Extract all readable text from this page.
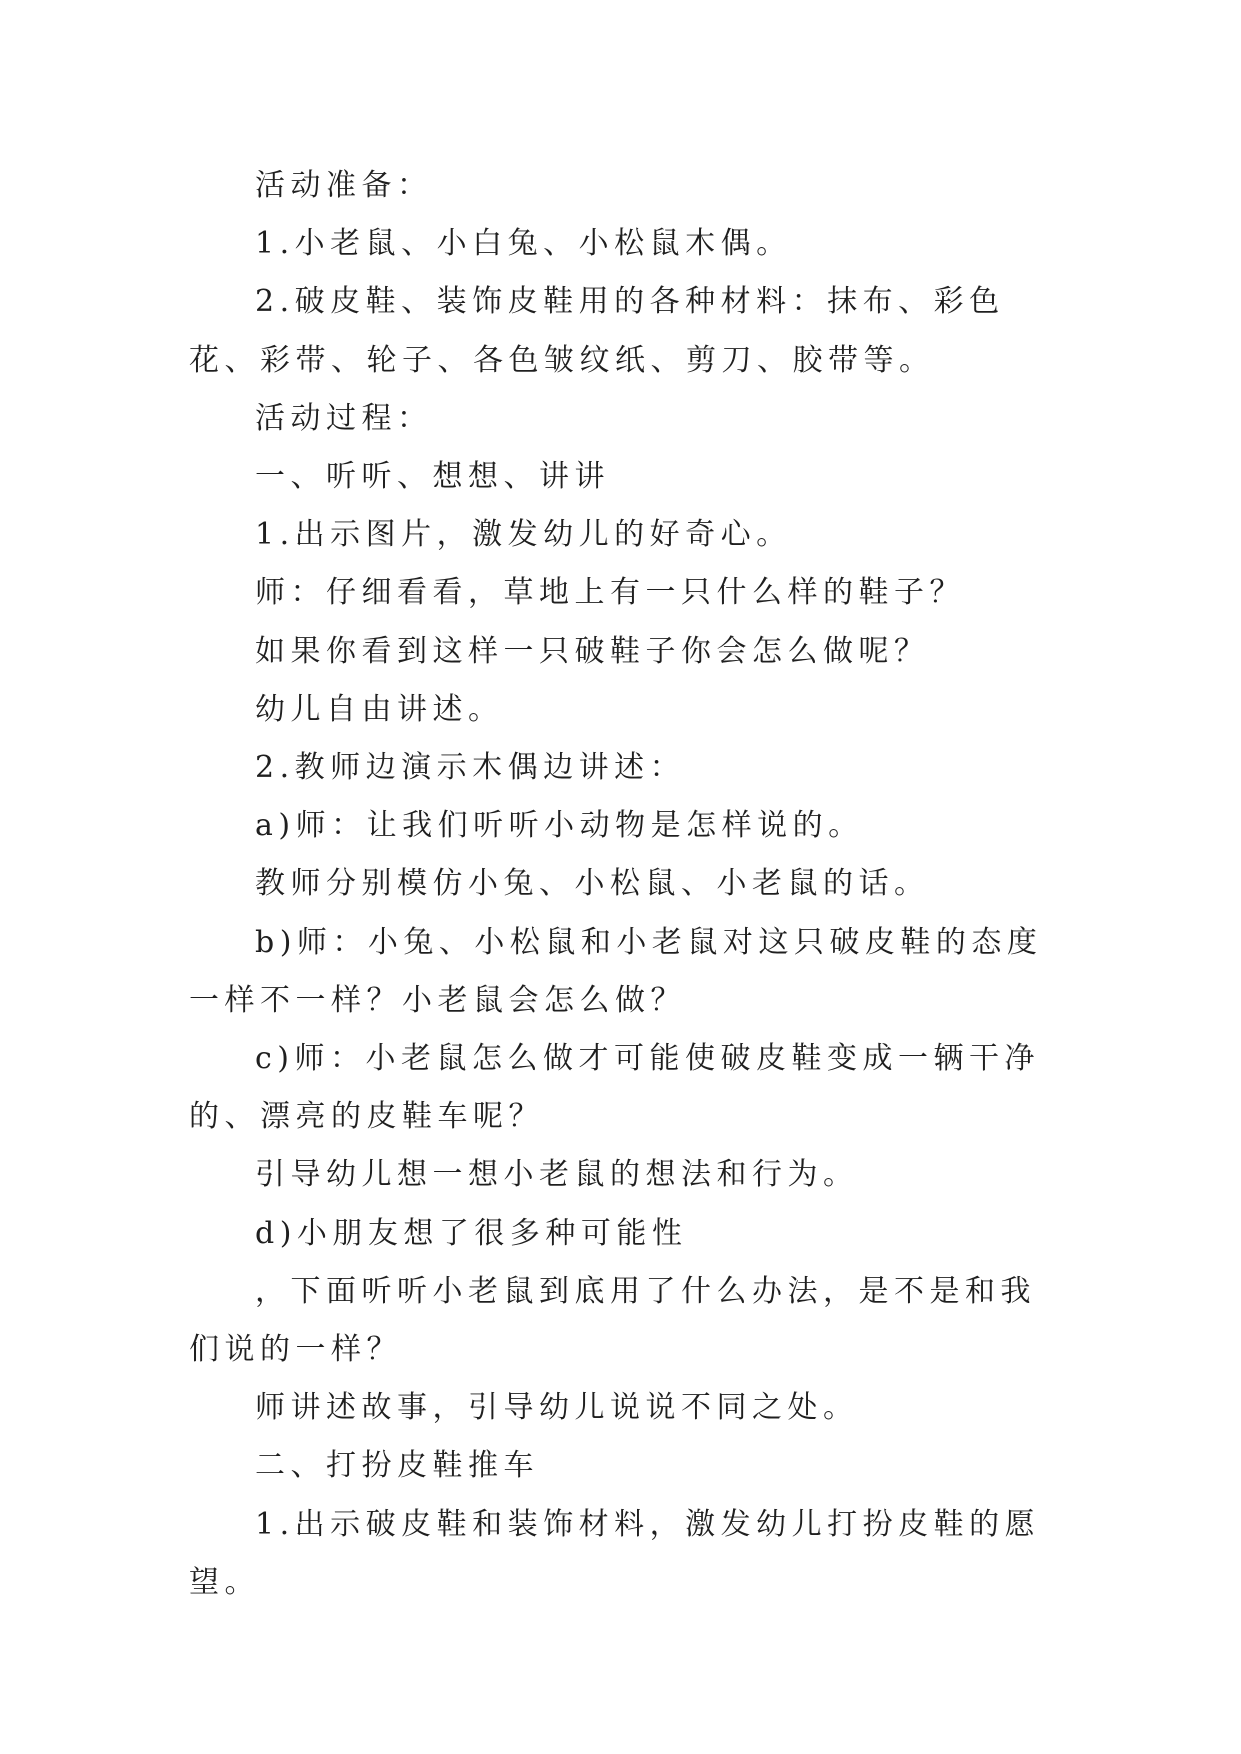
活动准备：

1.小老鼠、小白兔、小松鼠木偶。

2.破皮鞋、装饰皮鞋用的各种材料：抹布、彩色花、彩带、轮子、各色皱纹纸、剪刀、胶带等。

活动过程：

一、听听、想想、讲讲

1.出示图片，激发幼儿的好奇心。

师：仔细看看，草地上有一只什么样的鞋子？

如果你看到这样一只破鞋子你会怎么做呢？

幼儿自由讲述。

2.教师边演示木偶边讲述：

a)师：让我们听听小动物是怎样说的。

教师分别模仿小兔、小松鼠、小老鼠的话。

b)师：小兔、小松鼠和小老鼠对这只破皮鞋的态度一样不一样？小老鼠会怎么做？

c)师：小老鼠怎么做才可能使破皮鞋变成一辆干净的、漂亮的皮鞋车呢？

引导幼儿想一想小老鼠的想法和行为。

d)小朋友想了很多种可能性

，下面听听小老鼠到底用了什么办法，是不是和我们说的一样？

师讲述故事，引导幼儿说说不同之处。

二、打扮皮鞋推车

1.出示破皮鞋和装饰材料，激发幼儿打扮皮鞋的愿望。
